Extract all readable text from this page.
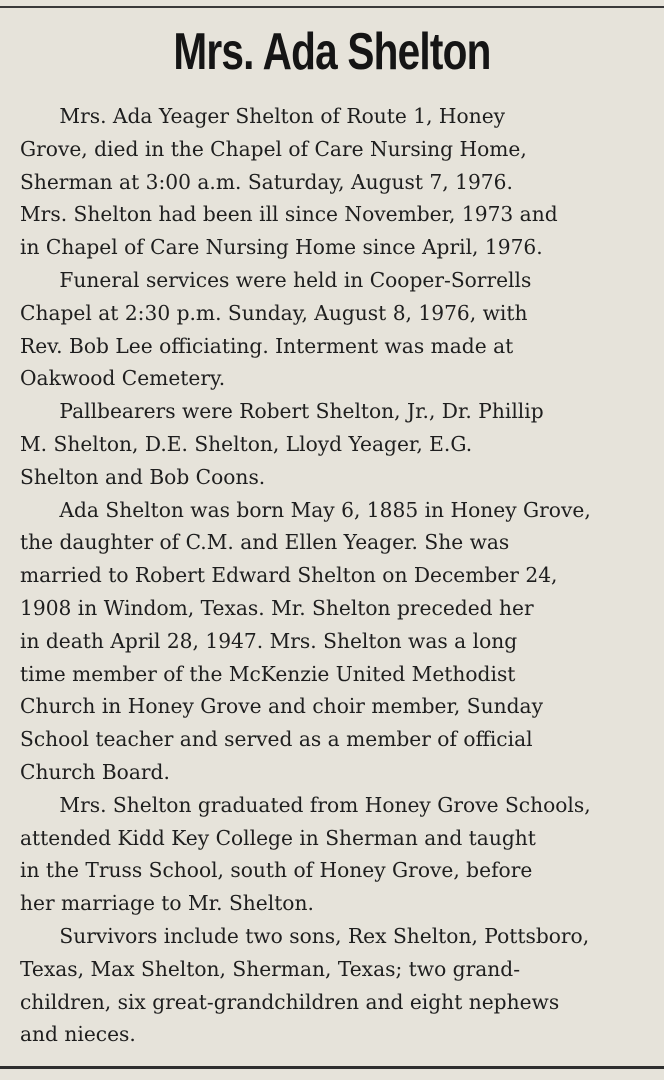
Mrs. Ada Shelton
Mrs. Ada Yeager Shelton of Route 1, Honey
Grove, died in the Chapel of Care Nursing Home,
Sherman at 3:00 a.m. Saturday, August 7, 1976.
Mrs. Shelton had been ill since November, 1973 and
in Chapel of Care Nursing Home since April, 1976.
Funeral services were held in Cooper-Sorrells
Chapel at 2:30 p.m. Sunday, August 8, 1976, with
Rev. Bob Lee officiating. Interment was made at
Oakwood Cemetery.
Pallbearers were Robert Shelton, Jr., Dr. Phillip
M. Shelton, D.E. Shelton, Lloyd Yeager, E.G.
Shelton and Bob Coons.
Ada Shelton was born May 6, 1885 in Honey Grove,
the daughter of C.M. and Ellen Yeager. She was
married to Robert Edward Shelton on December 24,
1908 in Windom, Texas. Mr. Shelton preceded her
in death April 28, 1947. Mrs. Shelton was a long
time member of the McKenzie United Methodist
Church in Honey Grove and choir member, Sunday
School teacher and served as a member of official
Church Board.
Mrs. Shelton graduated from Honey Grove Schools,
attended Kidd Key College in Sherman and taught
in the Truss School, south of Honey Grove, before
her marriage to Mr. Shelton.
Survivors include two sons, Rex Shelton, Pottsboro,
Texas, Max Shelton, Sherman, Texas; two grand-
children, six great-grandchildren and eight nephews
and nieces.
